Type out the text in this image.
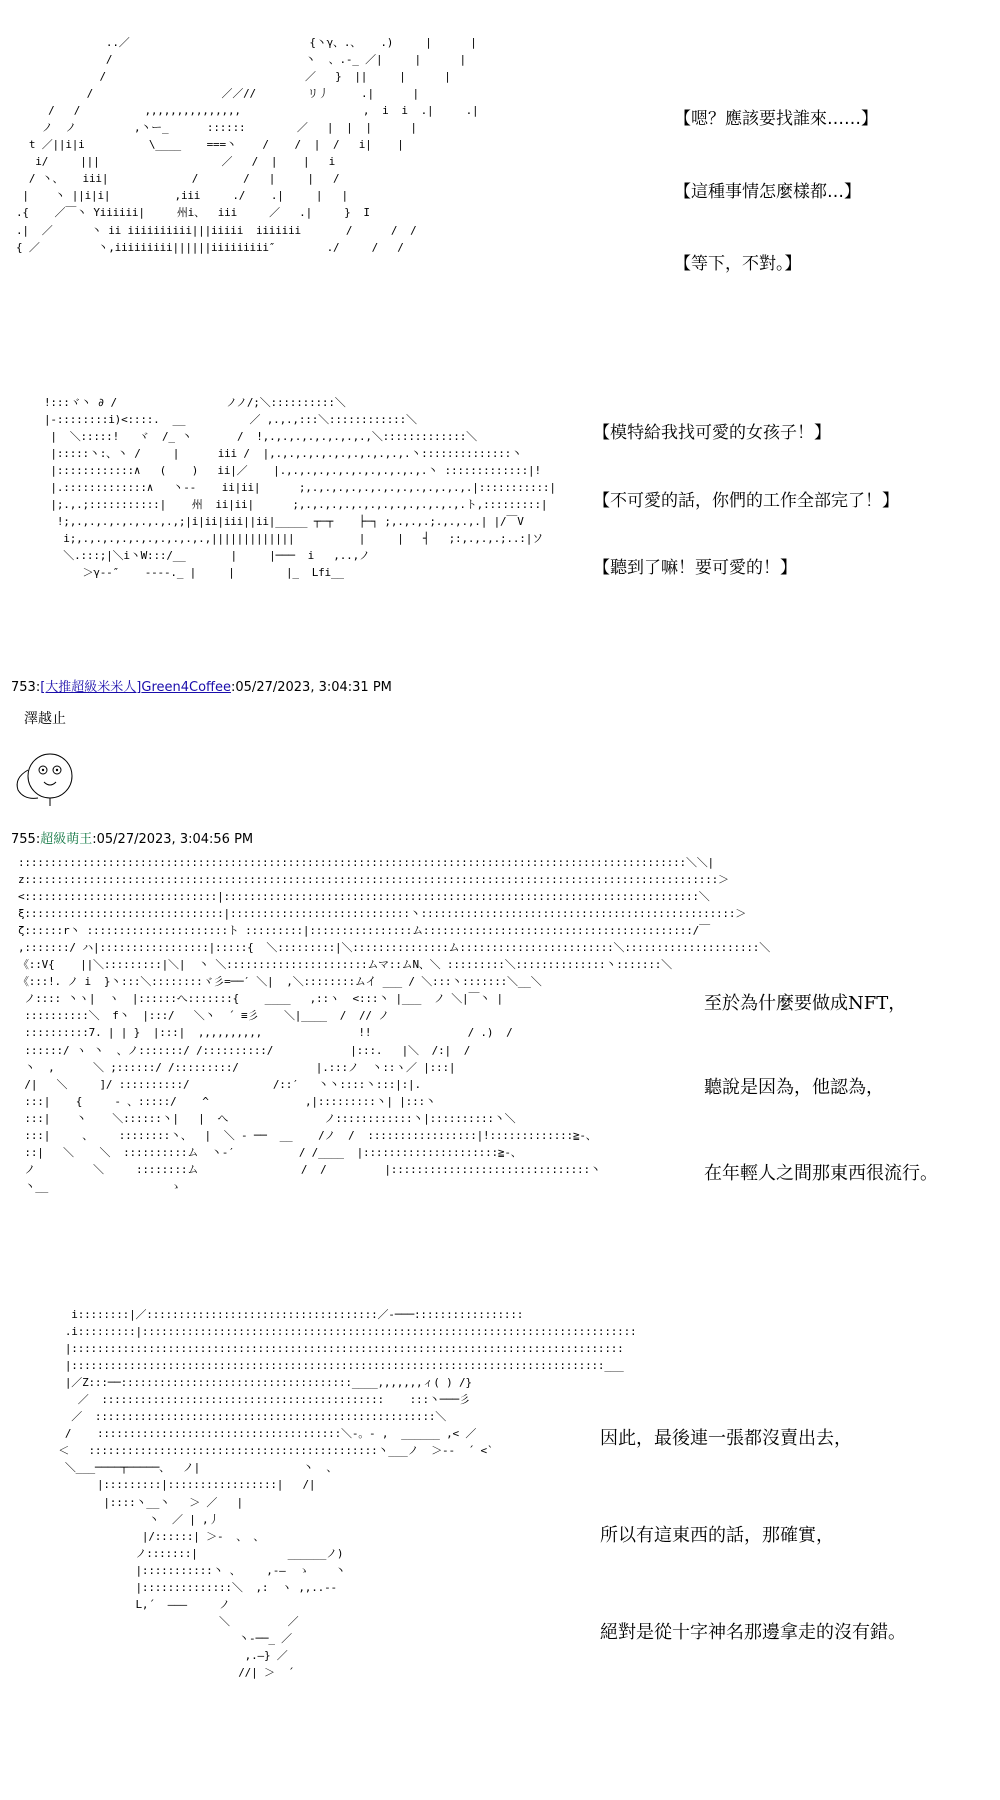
..／                            {丶γ、.、   .)     |      |
/                              丶  、.-_ ／|     |      |
/                               ／   }  ||     |      |
/                    ／／//        リ丿     .|      |
/   /          ,,,,,,,,,,,,,,,                   ,  i  i  .|     .|
ノ  ノ         ,丶ー_      ::::::        ／   |  |  |      |
t ／||i|i          \____    ===丶    /    /  |  /   i|    |
i/     |||                   ／   /  |    |   i
/ 丶、   iii|             /       /   |     |   /
|    丶 ||i|i|          ,iii     ./    .|     |   |
.{    ／￣丶 Yiiiiii|     州i、  iii     ／   .|     }  I
.|  ／      丶 ii iiiiiiiiii|||iiiii  iiiiiii       /      /  /
{ ／         丶,iiiiiiiii||||||iiiiiiiii″        ./     /   /
【嗯？應該要找誰來……】
【這種事情怎麼樣都…】
【等下，不對。】
!:::ヾ丶 ∂ /                 ノノ/;＼::::::::::＼
|-::::::::i)<::::.  __          ／ ,.,.,:::＼::::::::::::＼
|  ＼:::::!   ヾ  /_ 丶       /  !,.,.,.,.,.,.,.,.,＼:::::::::::::＼
|:::::丶:、丶 /     |      iii /  |,.,.,.,.,.,.,.,.,.,.,.丶::::::::::::::丶
|::::::::::::∧   (    )   ii|／    |.,.,.,.,.,.,.,.,.,.,.,.丶 :::::::::::::|!
|.:::::::::::::∧   丶-‐    ii|ii|      ;,.,.,.,.,.,.,.,.,.,.,.,.,.|:::::::::::|
|;.,.;:::::::::::|    州  ii|ii|      ;,.,.,.,.,.,.,.,.,.,.,.,.,.ト,:::::::::|
!;,.,.,.,.,.,.,.,.,;|i|ii|iii||ii|_____ ┬─┬    ├─┐ ;,.,.,.;.,.,.,.| |/￣V
i;,.,.,.,.,.,.,.,.,.,.,|||||||||||||          |     |   ┤   ;:,.,.,.;..:|ソ
＼.:::;|＼i丶W:::/__       |     |───  i   ,..,ノ
＞γ‐‐″    ‐‐--._ |     |        |_  Lfi__
【模特給我找可愛的女孩子！】
【不可愛的話，你們的工作全部完了！】
【聽到了嘛！要可愛的！】
753:[大推超級米米人]Green4Coffee:05/27/2023, 3:04:31 PM
澤越止
755:超級萌王:05/27/2023, 3:04:56 PM
::::::::::::::::::::::::::::::::::::::::::::::::::::::::::::::::::::::::::::::::::::::::::::::::::::::::＼＼|
z::::::::::::::::::::::::::::::::::::::::::::::::::::::::::::::::::::::::::::::::::::::::::::::::::::::::::::＞
<::::::::::::::::::::::::::::::|::::::::::::::::::::::::::::::::::::::::::::::::::::::::::::::::::::::::::＼
ξ:::::::::::::::::::::::::::::::|::::::::::::::::::::::::::::丶:::::::::::::::::::::::::::::::::::::::::::::::::＞
ζ::::::r丶 ::::::::::::::::::::::ト :::::::::|::::::::::::::::ム::::::::::::::::::::::::::::::::::::::::::/￣
,:::::::/ ハ|:::::::::::::::::|:::::{  ＼:::::::::|＼:::::::::::::::ム::::::::::::::::::::::::＼:::::::::::::::::::::＼
《::V{    ||＼:::::::::|＼|  丶 ＼::::::::::::::::::::::ムマ::ムN、＼ :::::::::＼::::::::::::::丶:::::::＼
《:::!. ノ i  }丶:::＼::::::::ヾ彡=──′ ＼|  ,＼::::::::ムイ ___ / ＼:::丶:::::::＼__＼
ノ:::: 丶ヽ|  ヽ  |::::::へ:::::::{    ____   ,::ヽ  <:::丶 |___  ノ ＼|￣丶 |
::::::::::＼  f丶  |:::/   ＼丶  ´ ≡彡    ＼|____  /  // ノ
::::::::::7. | | }  |:::|  ,,,,,,,,,,               !!               / .)  /
::::::/ ヽ 丶  、ノ:::::::/ /::::::::::/            |:::.   |＼  /:|  /
丶  ,      ＼ ;::::::/ /:::::::::/            |.:::ノ  丶::ヽ／ |:::|
/|   ＼     ]/ ::::::::::/             /::′   丶丶::::丶:::|:|.
:::|    {     ‐ 、:::::/    ^               ,|:::::::::丶| |:::丶
:::|    丶    ＼::::::丶|   |  へ               ノ::::::::::::丶|::::::::::丶＼
:::|     、    ::::::::丶、  |  ＼ ‐ ──  __    /ノ  /  :::::::::::::::::|!:::::::::::::≧-、
::|   ＼    ＼  ::::::::::ム  丶-′          / /____  |:::::::::::::::::::::≧-、
ノ         ＼     ::::::::ム                /  /         |:::::::::::::::::::::::::::::::丶
丶__                   ゝ
至於為什麼要做成NFT，
聽說是因為，他認為，
在年輕人之間那東西很流行。
i::::::::|／::::::::::::::::::::::::::::::::::::／‐───:::::::::::::::::
.i:::::::::|:::::::::::::::::::::::::::::::::::::::::::::::::::::::::::::::::::::::::::::
|::::::::::::::::::::::::::::::::::::::::::::::::::::::::::::::::::::::::::::::::::::::
|:::::::::::::::::::::::::::::::::::::::::::::::::::::::::::::::::::::::::::::::::::___
|／Z:::──::::::::::::::::::::::::::::::::::::____,,,,,,,ィ( ) /}
／  ::::::::::::::::::::::::::::::::::::::::::::    :::丶───彡
／  :::::::::::::::::::::::::::::::::::::::::::::::::::::＼
/    ::::::::::::::::::::::::::::::::::::::＼-。- ,  ______ ,< ／
＜   :::::::::::::::::::::::::::::::::::::::::::::丶___ノ  ＞--  ´ <`
＼___────┬─────、  ノ|                丶  、
|:::::::::|:::::::::::::::::|   /|
|::::丶__丶   ＞ ／   |
丶  ／ | ,丿
|/::::::| ＞-  、 、
ノ:::::::|              ______ノ)
|:::::::::::丶 、    ,‐—  ゝ    丶
|::::::::::::::＼  ,:  ヽ ,,..--
L,´  ———     ノ
＼         ／
丶-──_ ／
,.―} ／
//| ＞  ´
因此，最後連一張都沒賣出去，
所以有這東西的話，那確實，
絕對是從十字神名那邊拿走的沒有錯。
